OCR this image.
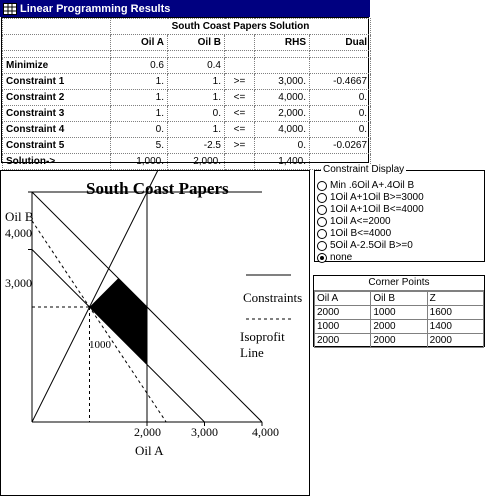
Linear Programming Results
	South Coast Papers Solution				
	Oil A	Oil B		RHS	Dual

Minimize	0.6	0.4			
Constraint 1	1.	1.	>=	3,000.	-0.4667
Constraint 2	1.	1.	<=	4,000.	0.
Constraint 3	1.	0.	<=	2,000.	0.
Constraint 4	0.	1.	<=	4,000.	0.
Constraint 5	5.	-2.5	>=	0.	-0.0267
Solution->	1,000.	2,000.		1,400.	
South Coast Papers
Oil B
Oil A
4,000
3,000
2,000	3,000	4,000
1000
Constraints
Isoprofit Line
Constraint Display
Min .6Oil A+.4Oil B
1Oil A+1Oil B>=3000
1Oil A+1Oil B<=4000
1Oil A<=2000
1Oil B<=4000
5Oil A-2.5Oil B>=0
none
Corner Points
Oil A	Oil B	Z
2000	1000	1600
1000	2000	1400
2000	2000	2000
